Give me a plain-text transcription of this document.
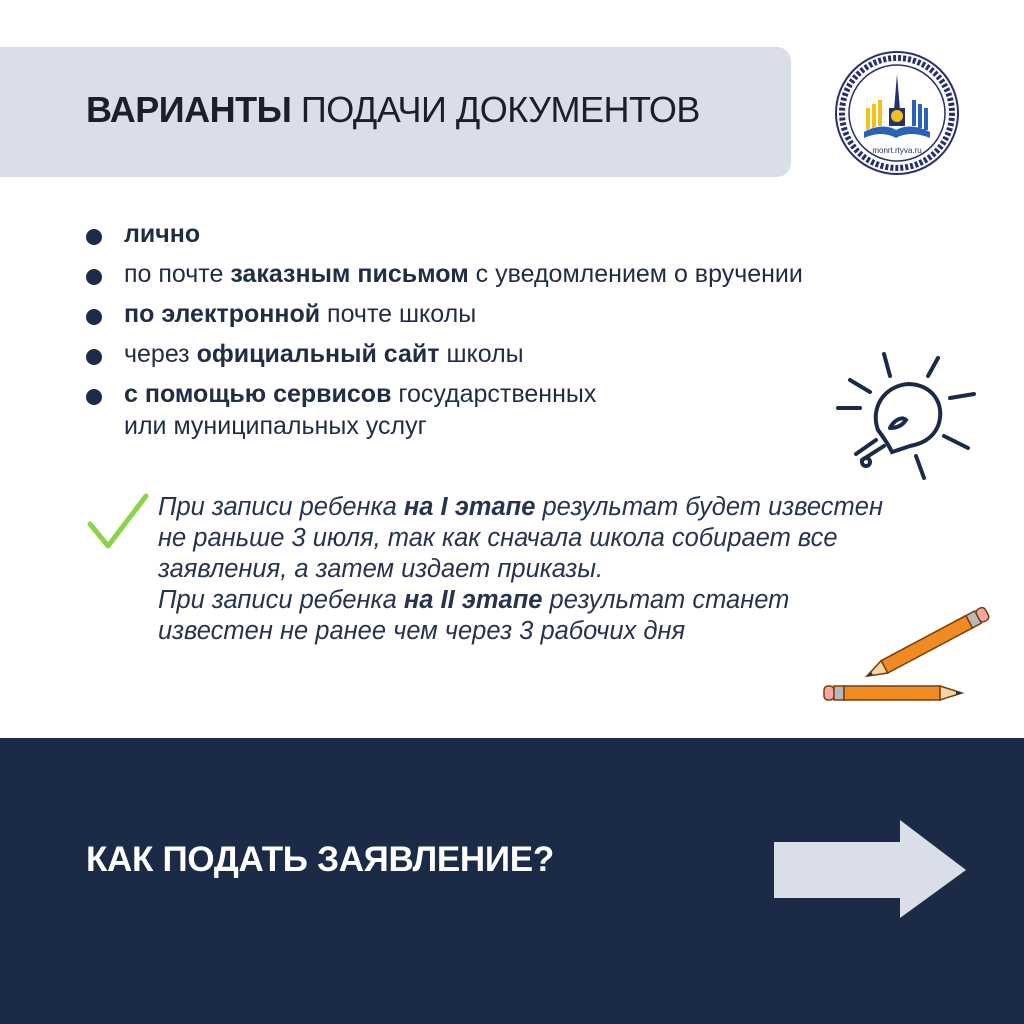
ВАРИАНТЫ ПОДАЧИ ДОКУМЕНТОВ
monrt.rtyva.ru
лично
по почте заказным письмом с уведомлением о вручении
по электронной почте школы
через официальный сайт школы
с помощью сервисов государственных
или муниципальных услуг

При записи ребенка на I этапе результат будет известен не раньше 3 июля, так как сначала школа собирает все заявления, а затем издает приказы.

При записи ребенка на II этапе результат станет известен не ранее чем через 3 рабочих дня

КАК ПОДАТЬ ЗАЯВЛЕНИЕ?
